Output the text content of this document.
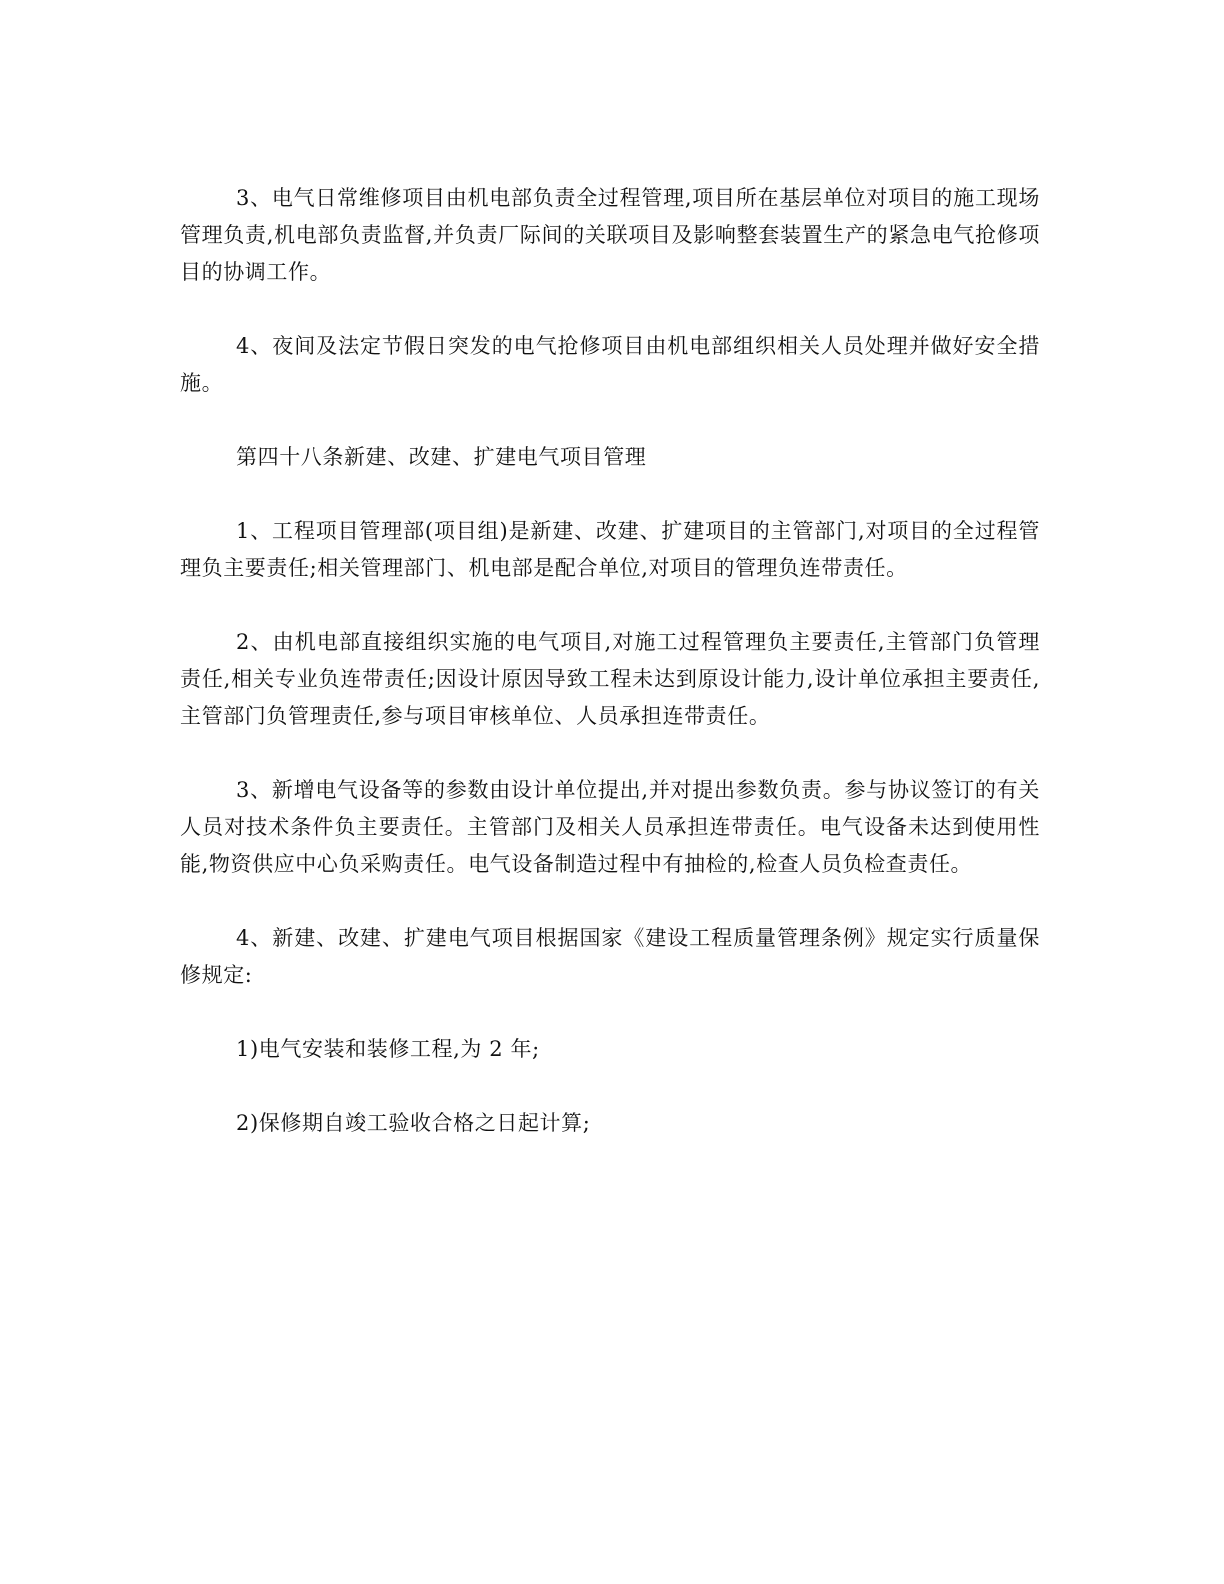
3、电气日常维修项目由机电部负责全过程管理,项目所在基层单位对项目的施工现场管理负责,机电部负责监督,并负责厂际间的关联项目及影响整套装置生产的紧急电气抢修项目的协调工作。

4、夜间及法定节假日突发的电气抢修项目由机电部组织相关人员处理并做好安全措施。

第四十八条新建、改建、扩建电气项目管理

1、工程项目管理部(项目组)是新建、改建、扩建项目的主管部门,对项目的全过程管理负主要责任;相关管理部门、机电部是配合单位,对项目的管理负连带责任。

2、由机电部直接组织实施的电气项目,对施工过程管理负主要责任,主管部门负管理责任,相关专业负连带责任;因设计原因导致工程未达到原设计能力,设计单位承担主要责任,主管部门负管理责任,参与项目审核单位、人员承担连带责任。

3、新增电气设备等的参数由设计单位提出,并对提出参数负责。参与协议签订的有关人员对技术条件负主要责任。主管部门及相关人员承担连带责任。电气设备未达到使用性能,物资供应中心负采购责任。电气设备制造过程中有抽检的,检查人员负检查责任。

4、新建、改建、扩建电气项目根据国家《建设工程质量管理条例》规定实行质量保修规定:

1)电气安装和装修工程,为 2 年;

2)保修期自竣工验收合格之日起计算;
